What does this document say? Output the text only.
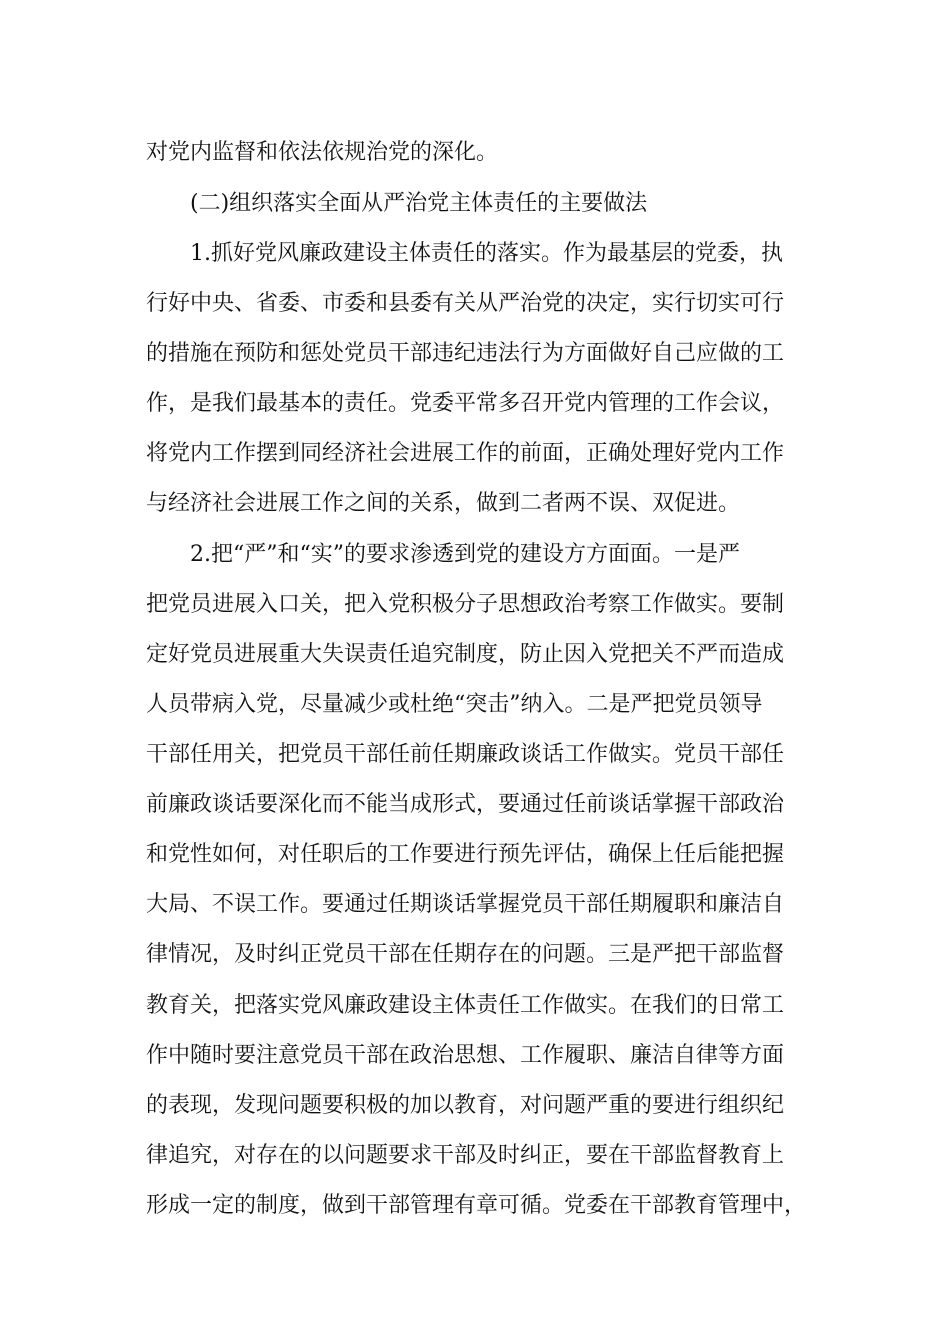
对党内监督和依法依规治党的深化。
(二)组织落实全面从严治党主体责任的主要做法
1.抓好党风廉政建设主体责任的落实。作为最基层的党委，执
行好中央、省委、市委和县委有关从严治党的决定，实行切实可行
的措施在预防和惩处党员干部违纪违法行为方面做好自己应做的工
作，是我们最基本的责任。党委平常多召开党内管理的工作会议，
将党内工作摆到同经济社会进展工作的前面，正确处理好党内工作
与经济社会进展工作之间的关系，做到二者两不误、双促进。
2.把“严”和“实”的要求渗透到党的建设方方面面。一是严
把党员进展入口关，把入党积极分子思想政治考察工作做实。要制
定好党员进展重大失误责任追究制度，防止因入党把关不严而造成
人员带病入党，尽量减少或杜绝“突击”纳入。二是严把党员领导
干部任用关，把党员干部任前任期廉政谈话工作做实。党员干部任
前廉政谈话要深化而不能当成形式，要通过任前谈话掌握干部政治
和党性如何，对任职后的工作要进行预先评估，确保上任后能把握
大局、不误工作。要通过任期谈话掌握党员干部任期履职和廉洁自
律情况，及时纠正党员干部在任期存在的问题。三是严把干部监督
教育关，把落实党风廉政建设主体责任工作做实。在我们的日常工
作中随时要注意党员干部在政治思想、工作履职、廉洁自律等方面
的表现，发现问题要积极的加以教育，对问题严重的要进行组织纪
律追究，对存在的以问题要求干部及时纠正，要在干部监督教育上
形成一定的制度，做到干部管理有章可循。党委在干部教育管理中，
